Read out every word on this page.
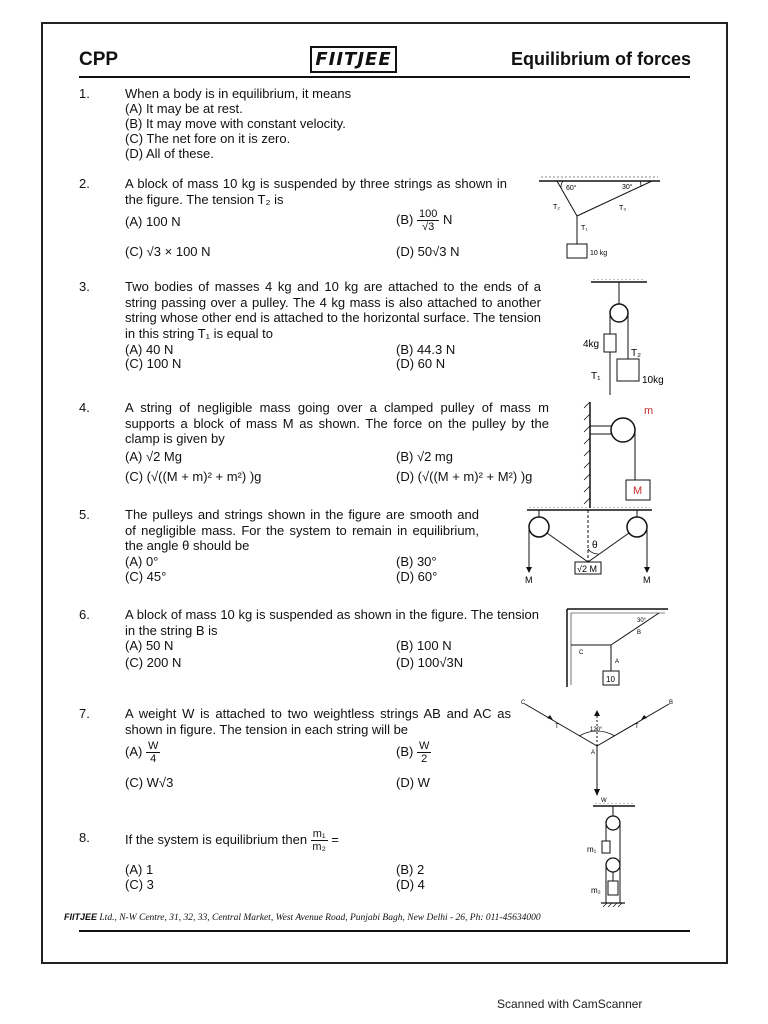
CPP	FIITJEE	Equilibrium of forces
1.	When a body is in equilibrium, it means
(A) It may be at rest.
(B) It may move with constant velocity.
(C) The net fore on it is zero.
(D) All of these.
2.	A block of mass 10 kg is suspended by three strings as shown in the figure. The tension T₂ is
(A) 100 N	$(B) \frac{100}{√3}$ N
(C) √3 × 100 N	(D) 50√3 N
60°	30°
T₂	T₃
T₁
10 kg
3.	Two bodies of masses 4 kg and 10 kg are attached to the ends of a string passing over a pulley. The 4 kg mass is also attached to another string whose other end is attached to the horizontal surface. The tension in this string T₁ is equal to
(A) 40 N	(B) 44.3 N
(C) 100 N	(D) 60 N
4kg
10kg
T₁
T₂
4.	A string of negligible mass going over a clamped pulley of mass m supports a block of mass M as shown. The force on the pulley by the clamp is given by
(A) √2 Mg	(B) √2 mg
(C) (√((M + m)² + m²) )g	(D) (√((M + m)² + M²) )g
m
M
5.	The pulleys and strings shown in the figure are smooth and of negligible mass. For the system to remain in equilibrium, the angle θ should be
(A) 0°	(B) 30°
(C) 45°	(D) 60°
θ
√2 M
M	M
6.	A block of mass 10 kg is suspended as shown in the figure. The tension in the string B is
(A) 50 N	(B) 100 N
(C) 200 N	(D) 100√3N
30°
B
C
A
10
7.	A weight W is attached to two weightless strings AB and AC as shown in figure. The tension in each string will be
$(A) \frac{W}{4}$	$(B) \frac{W}{2}$
(C) W√3	(D) W
C	B
T	T
120°
A
W
8.	If the system is equilibrium then $\frac{\text{m₁}}{\text{m₂}}$ =
(A) 1	(B) 2
(C) 3	(D) 4
m₁
m₂
FIITJEE Ltd., N-W Centre, 31, 32, 33, Central Market, West Avenue Road, Punjabi Bagh, New Delhi - 26, Ph: 011-45634000
Scanned with CamScanner
